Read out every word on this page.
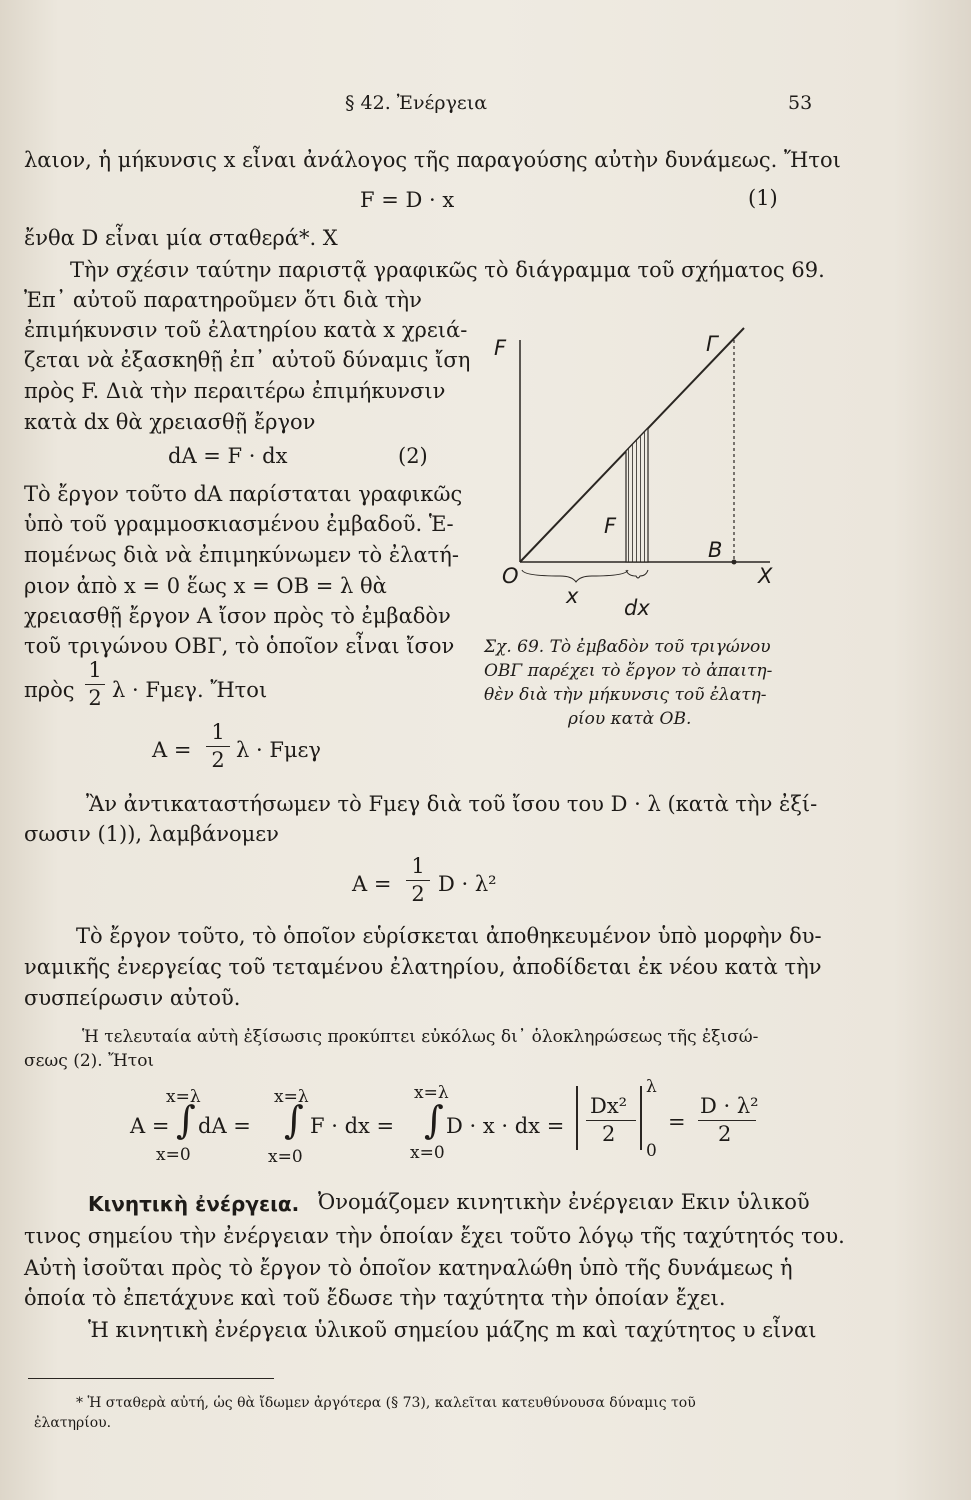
§ 42. Ἐνέργεια	53
λαιον, ἡ μήκυνσις x εἶναι ἀνάλογος τῆς παραγούσης αὐτὴν δυνάμεως. Ἤτοι
F = D · x	(1)
ἔνθα D εἶναι μία σταθερά*. X
Τὴν σχέσιν ταύτην παριστᾷ γραφικῶς τὸ διάγραμμα τοῦ σχήματος 69.
Ἐπ᾽ αὐτοῦ παρατηροῦμεν ὅτι διὰ τὴν
ἐπιμήκυνσιν τοῦ ἐλατηρίου κατὰ x χρειά-
ζεται νὰ ἐξασκηθῇ ἐπ᾽ αὐτοῦ δύναμις ἴση
πρὸς F. Διὰ τὴν περαιτέρω ἐπιμήκυνσιν
κατὰ dx θὰ χρειασθῇ ἔργον
dA = F · dx	(2)
Τὸ ἔργον τοῦτο dA παρίσταται γραφικῶς
ὑπὸ τοῦ γραμμοσκιασμένου ἐμβαδοῦ. Ἑ-
πομένως διὰ νὰ ἐπιμηκύνωμεν τὸ ἐλατή-
ριον ἀπὸ x = 0 ἕως x = OB = λ θὰ
χρειασθῇ ἔργον A ἴσον πρὸς τὸ ἐμβαδὸν
τοῦ τριγώνου ΟΒΓ, τὸ ὁποῖον εἶναι ἴσον
πρὸς
1
2 λ · Fμεγ. Ἤτοι
A =
1
2 λ · Fμεγ
F	Γ
F
B
O	X
x dx
Σχ. 69. Τὸ ἐμβαδὸν τοῦ τριγώνου
ΟΒΓ παρέχει τὸ ἔργον τὸ ἀπαιτη-
θὲν διὰ τὴν μήκυνσις τοῦ ἐλατη-
ρίου κατὰ ΟΒ.
Ἂν ἀντικαταστήσωμεν τὸ Fμεγ διὰ τοῦ ἴσου του D · λ (κατὰ τὴν ἐξί-
σωσιν (1)), λαμβάνομεν
A =
1
2 D · λ²
Τὸ ἔργον τοῦτο, τὸ ὁποῖον εὑρίσκεται ἀποθηκευμένον ὑπὸ μορφὴν δυ-
ναμικῆς ἐνεργείας τοῦ τεταμένου ἐλατηρίου, ἀποδίδεται ἐκ νέου κατὰ τὴν
συσπείρωσιν αὐτοῦ.
Ἡ τελευταία αὐτὴ ἐξίσωσις προκύπτει εὐκόλως δι᾽ ὁλοκληρώσεως τῆς ἐξισώ-
σεως (2). Ἤτοι
x=λ	x=λ	x=λ
A = ∫ dA = ∫ F · dx = ∫ D · x · dx =
Dx²
2
λ
0
=
D · λ²
2
x=0	x=0	x=0
Κινητικὴ ἐνέργεια. Ὀνομάζομεν κινητικὴν ἐνέργειαν Eκιν ὑλικοῦ
τινος σημείου τὴν ἐνέργειαν τὴν ὁποίαν ἔχει τοῦτο λόγῳ τῆς ταχύτητός του.
Αὐτὴ ἰσοῦται πρὸς τὸ ἔργον τὸ ὁποῖον κατηναλώθη ὑπὸ τῆς δυνάμεως ἡ
ὁποία τὸ ἐπετάχυνε καὶ τοῦ ἔδωσε τὴν ταχύτητα τὴν ὁποίαν ἔχει.
Ἡ κινητικὴ ἐνέργεια ὑλικοῦ σημείου μάζης m καὶ ταχύτητος υ εἶναι
* Ἡ σταθερὰ αὐτή, ὡς θὰ ἴδωμεν ἀργότερα (§ 73), καλεῖται κατευθύνουσα δύναμις τοῦ
ἐλατηρίου.
